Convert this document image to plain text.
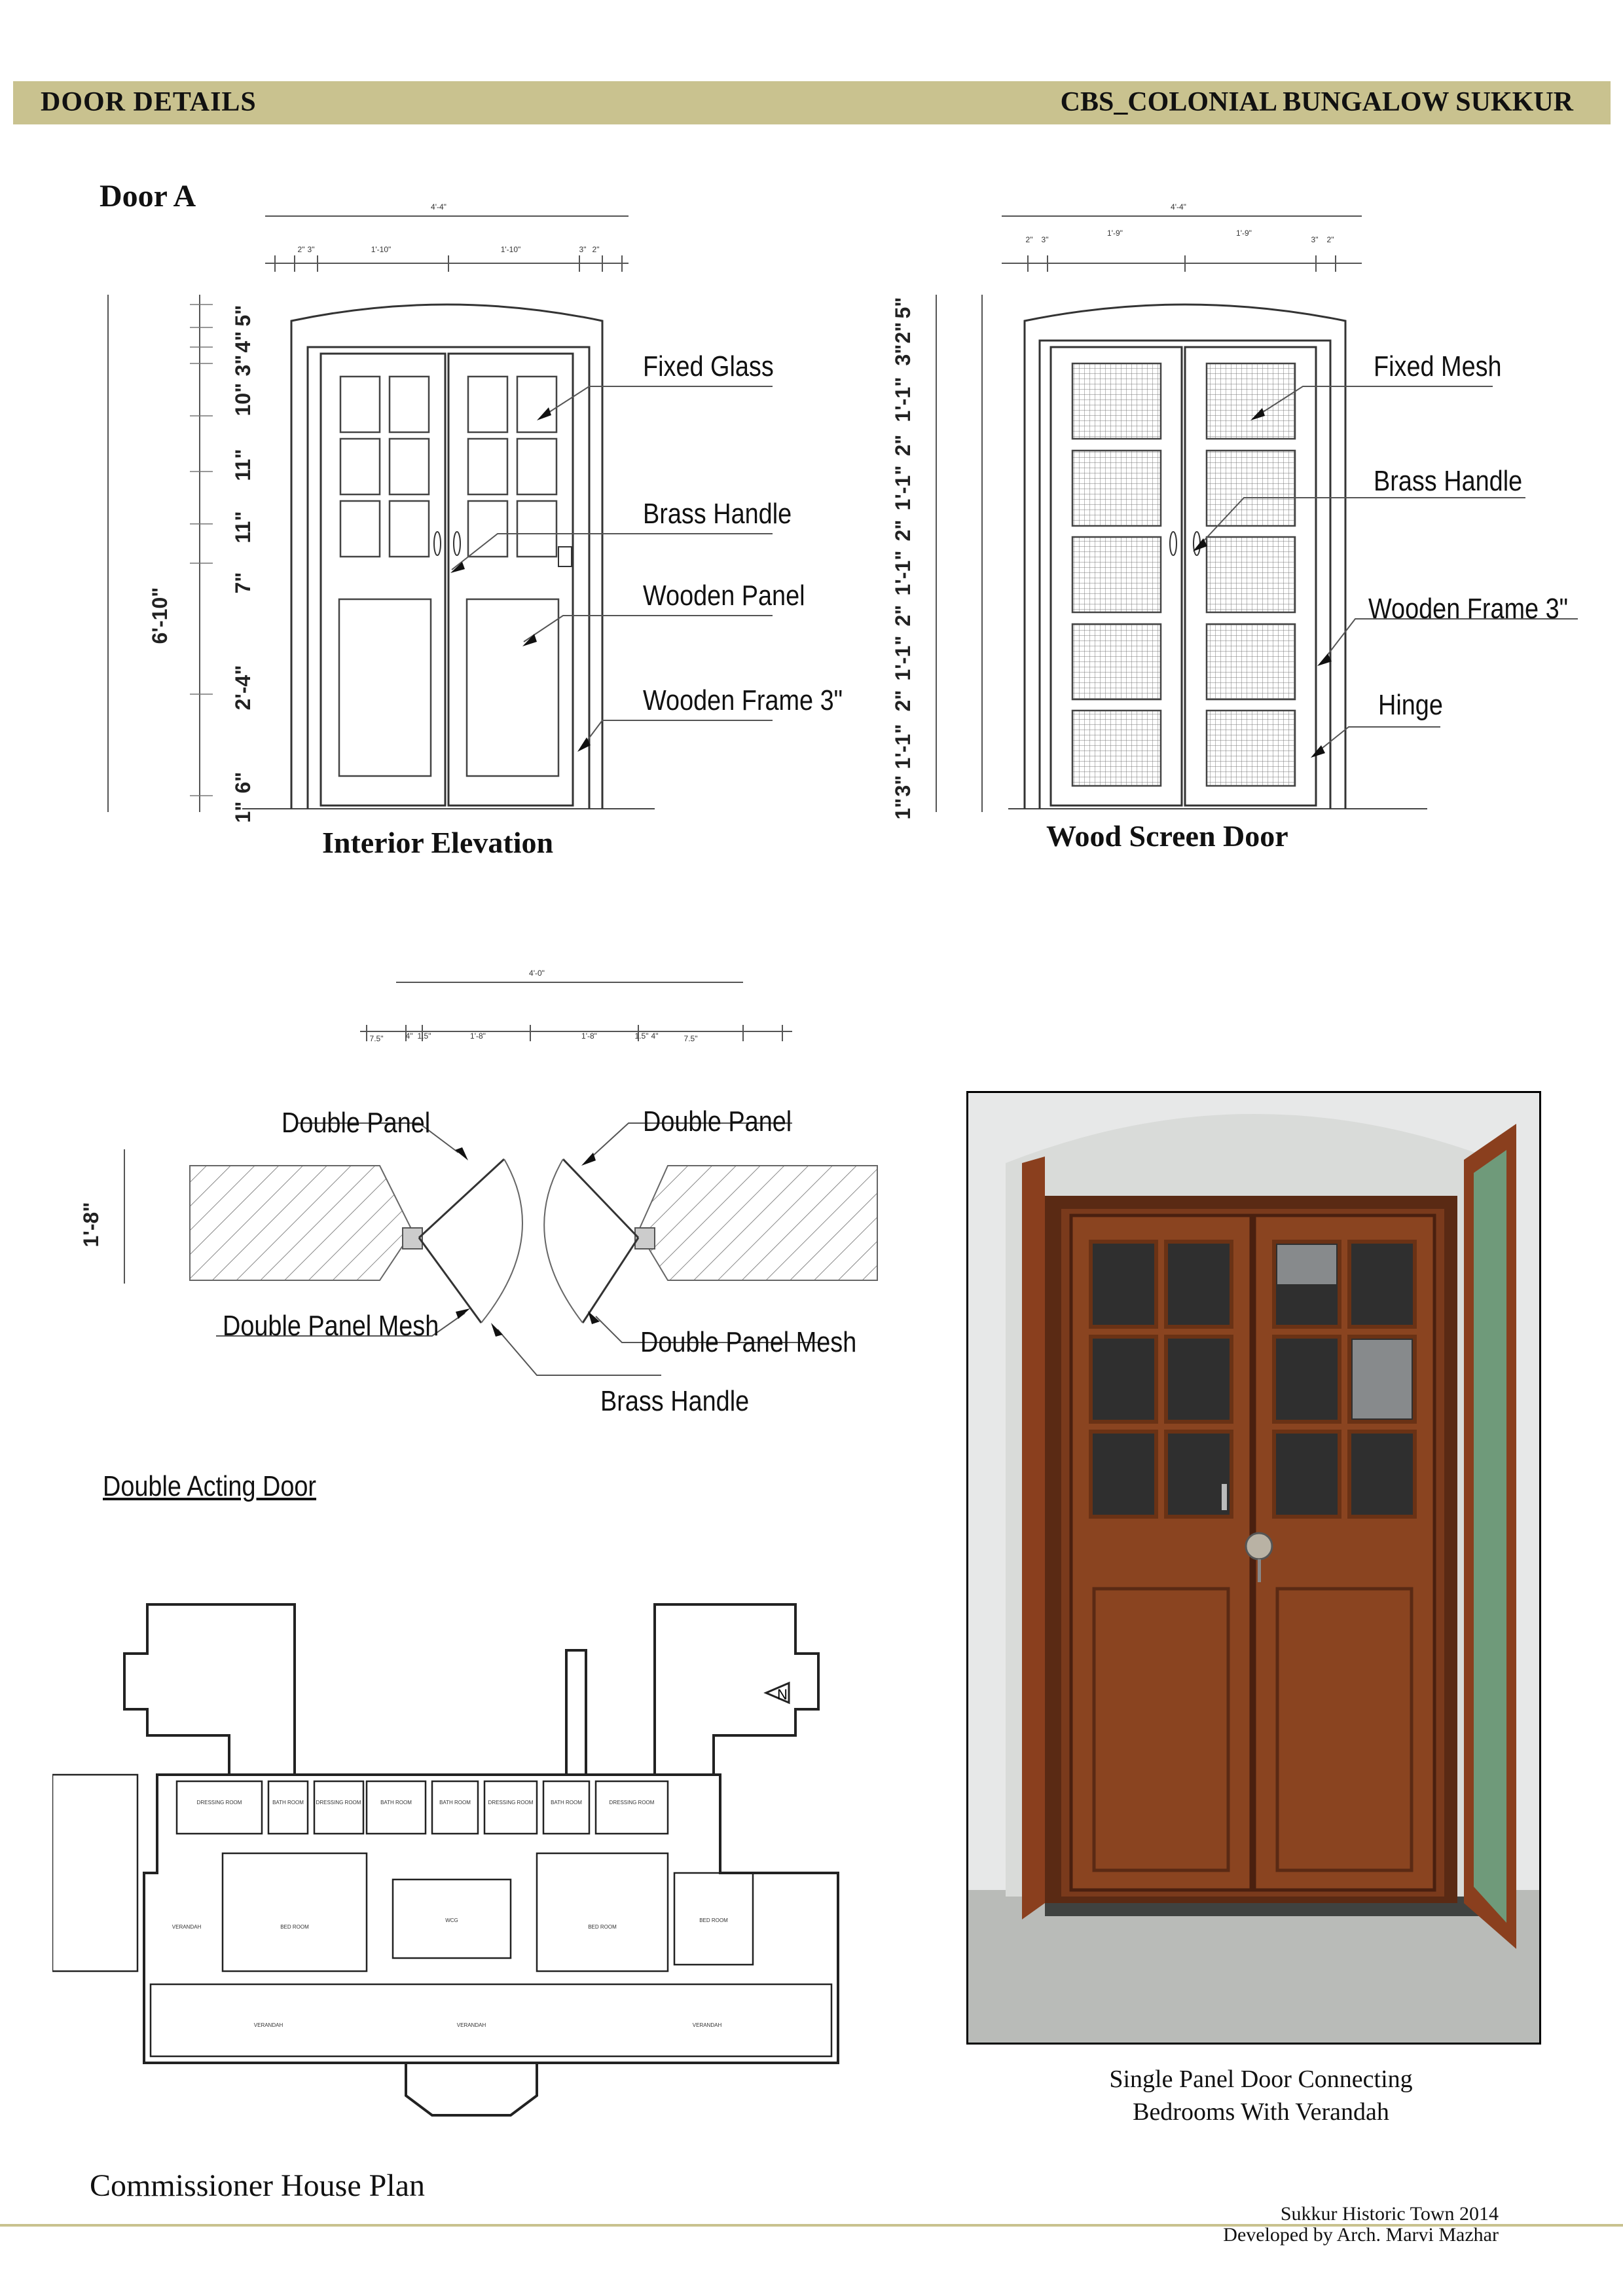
DOOR DETAILS	CBS_COLONIAL BUNGALOW SUKKUR
Door A	4'-4"
2" 3"	1'-10"	1'-10"	3" 2"
6'-10"
5"
4"
3"
10"
11"
11"
7"
2'-4"
6"
1"
Fixed Glass
Brass Handle
Wooden Panel
Wooden Frame 3"
Interior Elevation
4'-4"
2" 3"
1'-9"	1'-9"
3" 2"
5"
2"
3"
1'-1"
2"
1'-1"
2"
1'-1"
2"
1'-1"
2"
1'-1"
3"
1"
Fixed Mesh
Brass Handle
Wooden Frame 3"
Hinge
Wood Screen Door
4'-0"
7.5"	4" 1.5"	1'-8"	1'-8"	1.5" 4"	7.5"
1'-8"
Double Panel	Double Panel
Double Panel Mesh
Double Panel Mesh
Brass Handle
Double Acting Door
N
DRESSING ROOM	BATH ROOM DRESSING ROOM	BATH ROOM	BATH ROOM	DRESSING ROOM	BATH ROOM	DRESSING ROOM
VERANDAH	BED ROOM
WCG
BED ROOM
BED ROOM
VERANDAH	VERANDAH	VERANDAH
Commissioner House Plan
Single Panel Door Connecting
Bedrooms With Verandah
Sukkur Historic Town 2014
Developed by Arch. Marvi Mazhar
